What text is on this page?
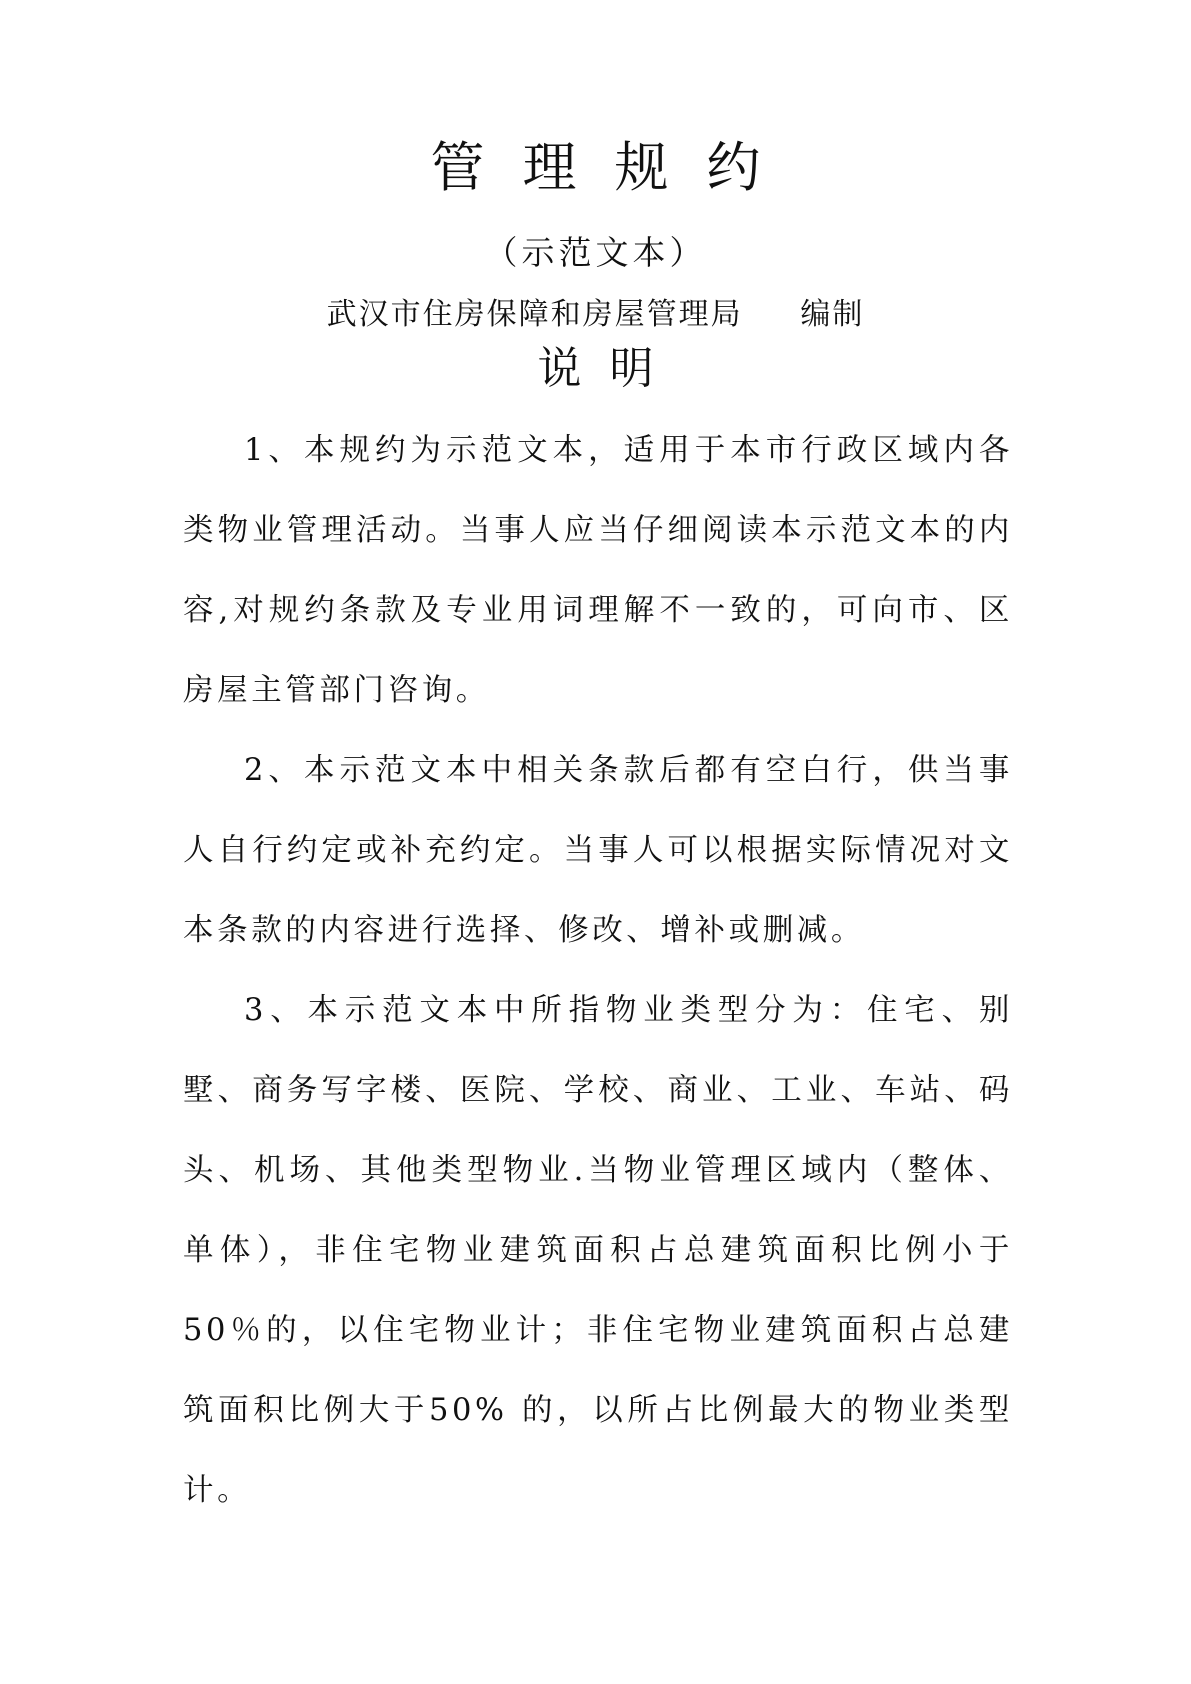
管理规约
（示范文本）
武汉市住房保障和房屋管理局     编制
说明

1、本规约为示范文本，适用于本市行政区域内各类物业管理活动。当事人应当仔细阅读本示范文本的内容,对规约条款及专业用词理解不一致的，可向市、区房屋主管部门咨询。

2、本示范文本中相关条款后都有空白行，供当事人自行约定或补充约定。当事人可以根据实际情况对文本条款的内容进行选择、修改、增补或删减。

3、本示范文本中所指物业类型分为：住宅、别墅、商务写字楼、医院、学校、商业、工业、车站、码头、机场、其他类型物业.当物业管理区域内（整体、单体），非住宅物业建筑面积占总建筑面积比例小于50％的，以住宅物业计；非住宅物业建筑面积占总建筑面积比例大于50% 的，以所占比例最大的物业类型计。
